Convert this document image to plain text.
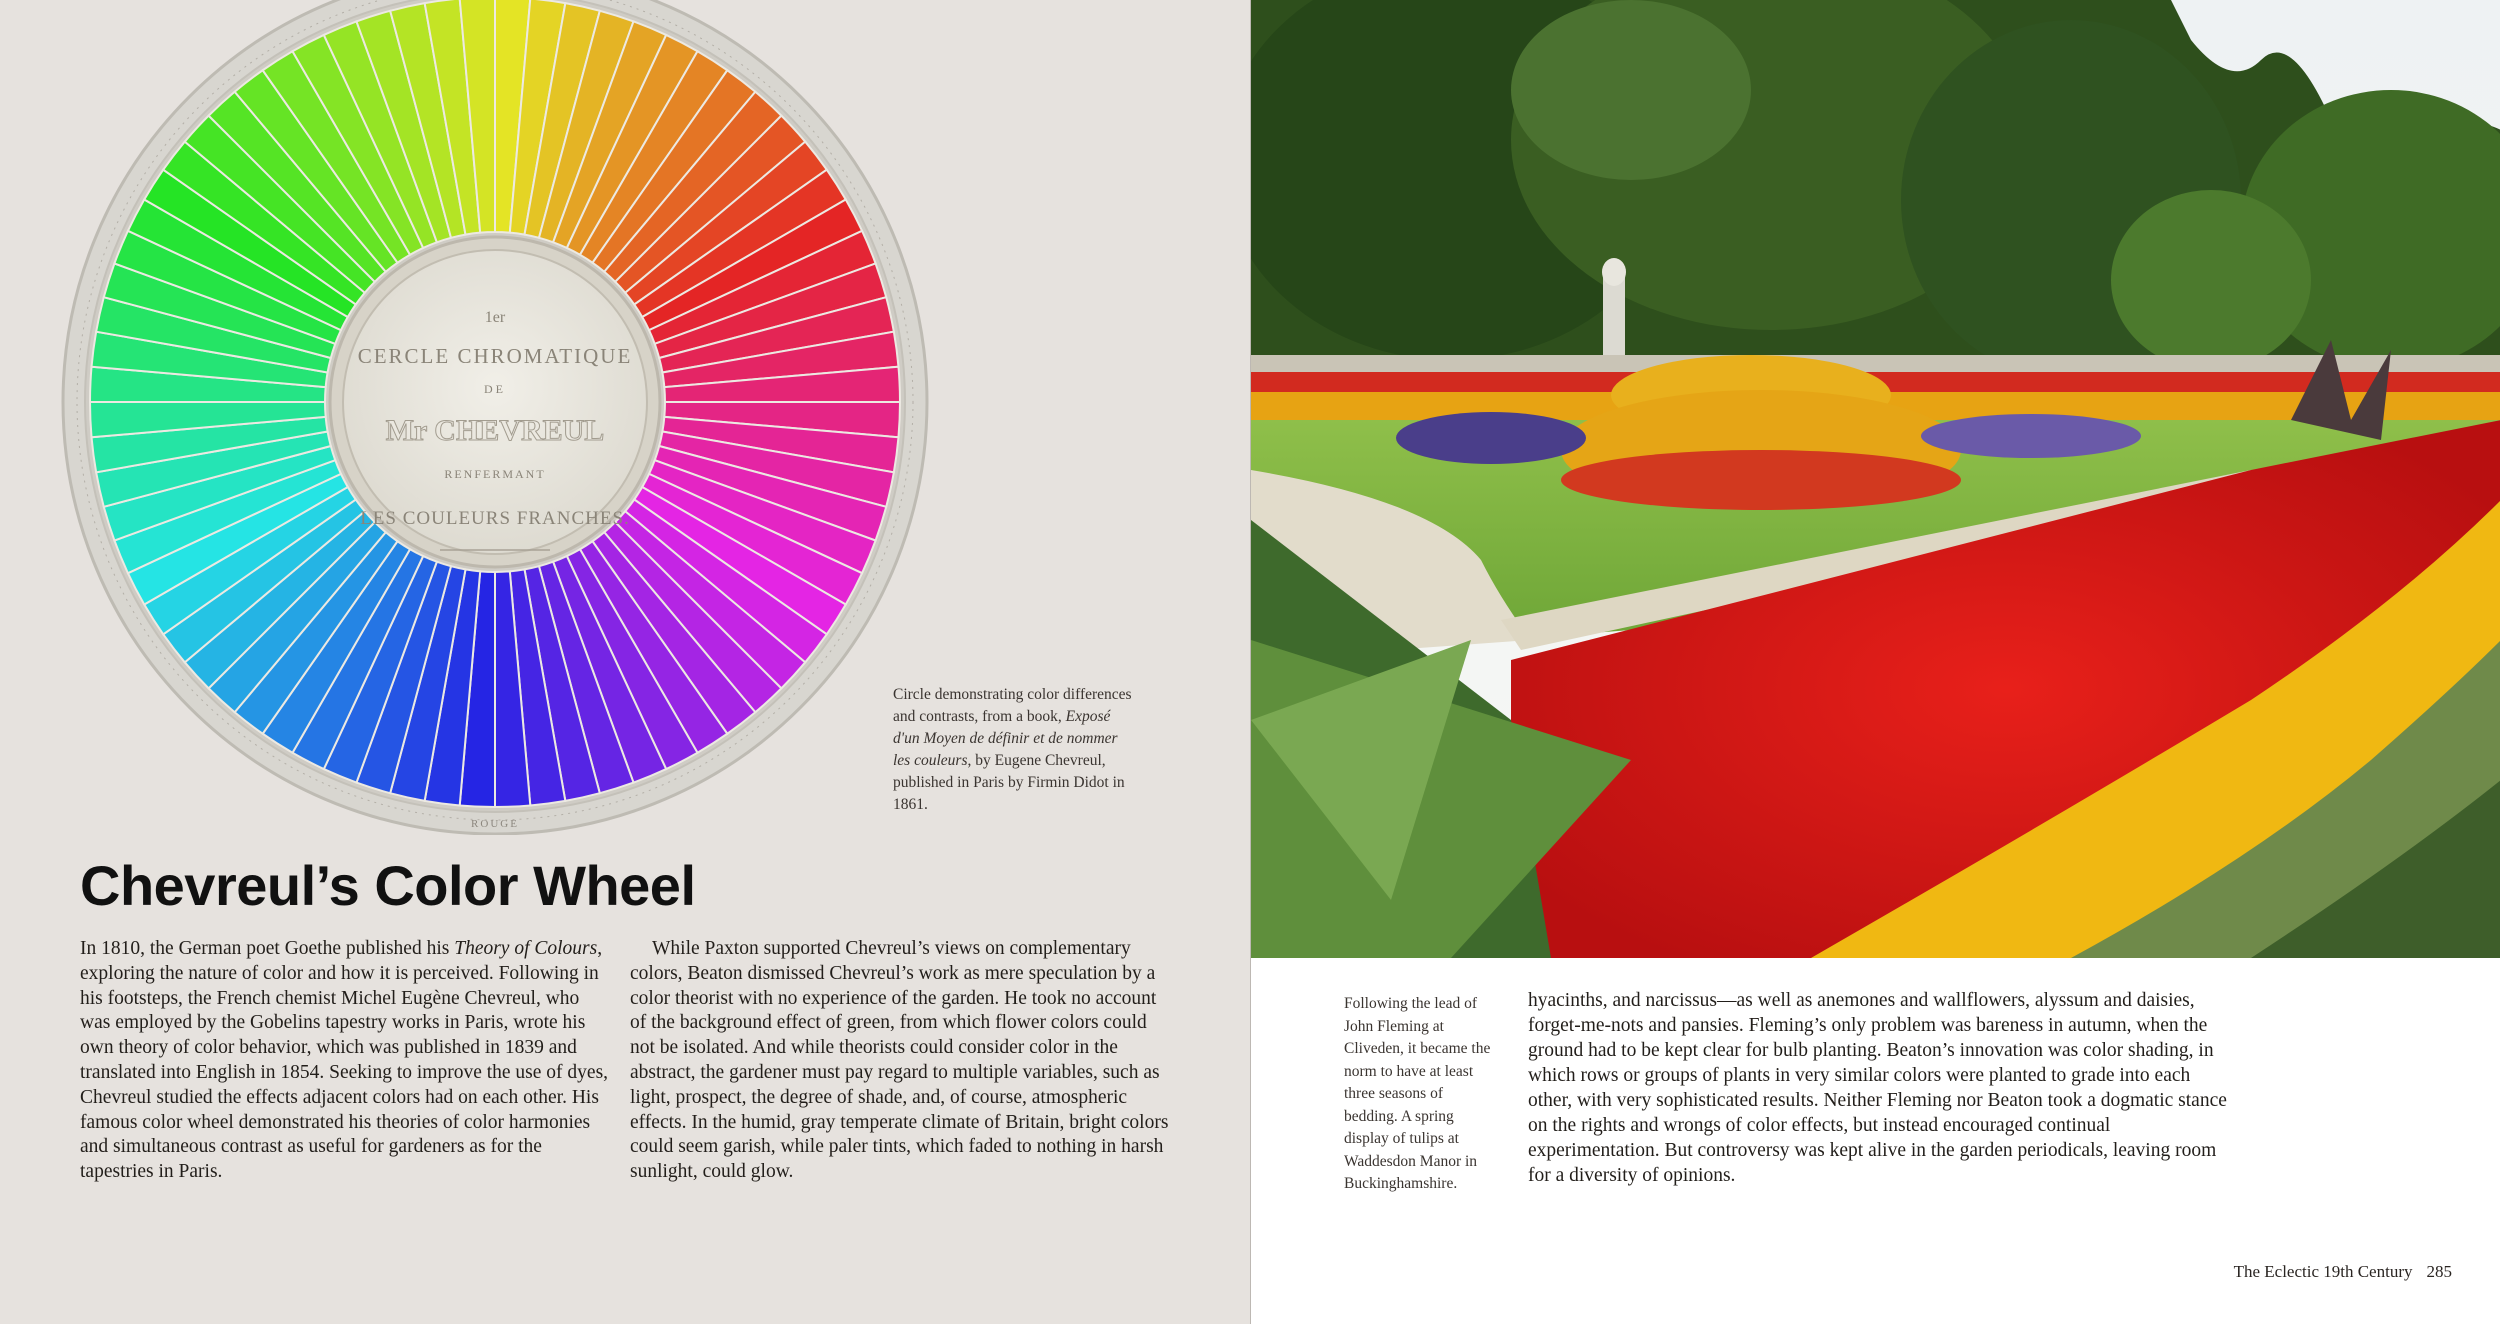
1er
CERCLE CHROMATIQUE
DE
Mr CHEVREUL
RENFERMANT
LES COULEURS FRANCHES.
ROUGE

Circle demonstrating color differences and contrasts, from a book, Exposé d'un Moyen de définir et de nommer les couleurs, by Eugene Chevreul, published in Paris by Firmin Didot in 1861.

Chevreul’s Color Wheel

In 1810, the German poet Goethe published his Theory of Colours, exploring the nature of color and how it is perceived. Following in his footsteps, the French chemist Michel Eugène Chevreul, who was employed by the Gobelins tapestry works in Paris, wrote his own theory of color behavior, which was published in 1839 and translated into English in 1854. Seeking to improve the use of dyes, Chevreul studied the effects adjacent colors had on each other. His famous color wheel demonstrated his theories of color harmonies and simultaneous contrast as useful for gardeners as for the tapestries in Paris.

While Paxton supported Chevreul’s views on complementary colors, Beaton dismissed Chevreul’s work as mere speculation by a color theorist with no experience of the garden. He took no account of the background effect of green, from which flower colors could not be isolated. And while theorists could consider color in the abstract, the gardener must pay regard to multiple variables, such as light, prospect, the degree of shade, and, of course, atmospheric effects. In the humid, gray temperate climate of Britain, bright colors could seem garish, while paler tints, which faded to nothing in harsh sunlight, could glow.

Following the lead of John Fleming at Cliveden, it became the norm to have at least three seasons of bedding. A spring display of tulips at Waddesdon Manor in Buckinghamshire.

hyacinths, and narcissus—as well as anemones and wallflowers, alyssum and daisies, forget-me-nots and pansies. Fleming’s only problem was bareness in autumn, when the ground had to be kept clear for bulb planting. Beaton’s innovation was color shading, in which rows or groups of plants in very similar colors were planted to grade into each other, with very sophisticated results. Neither Fleming nor Beaton took a dogmatic stance on the rights and wrongs of color effects, but instead encouraged continual experimentation. But controversy was kept alive in the garden periodicals, leaving room for a diversity of opinions.
The Eclectic 19th Century 285
